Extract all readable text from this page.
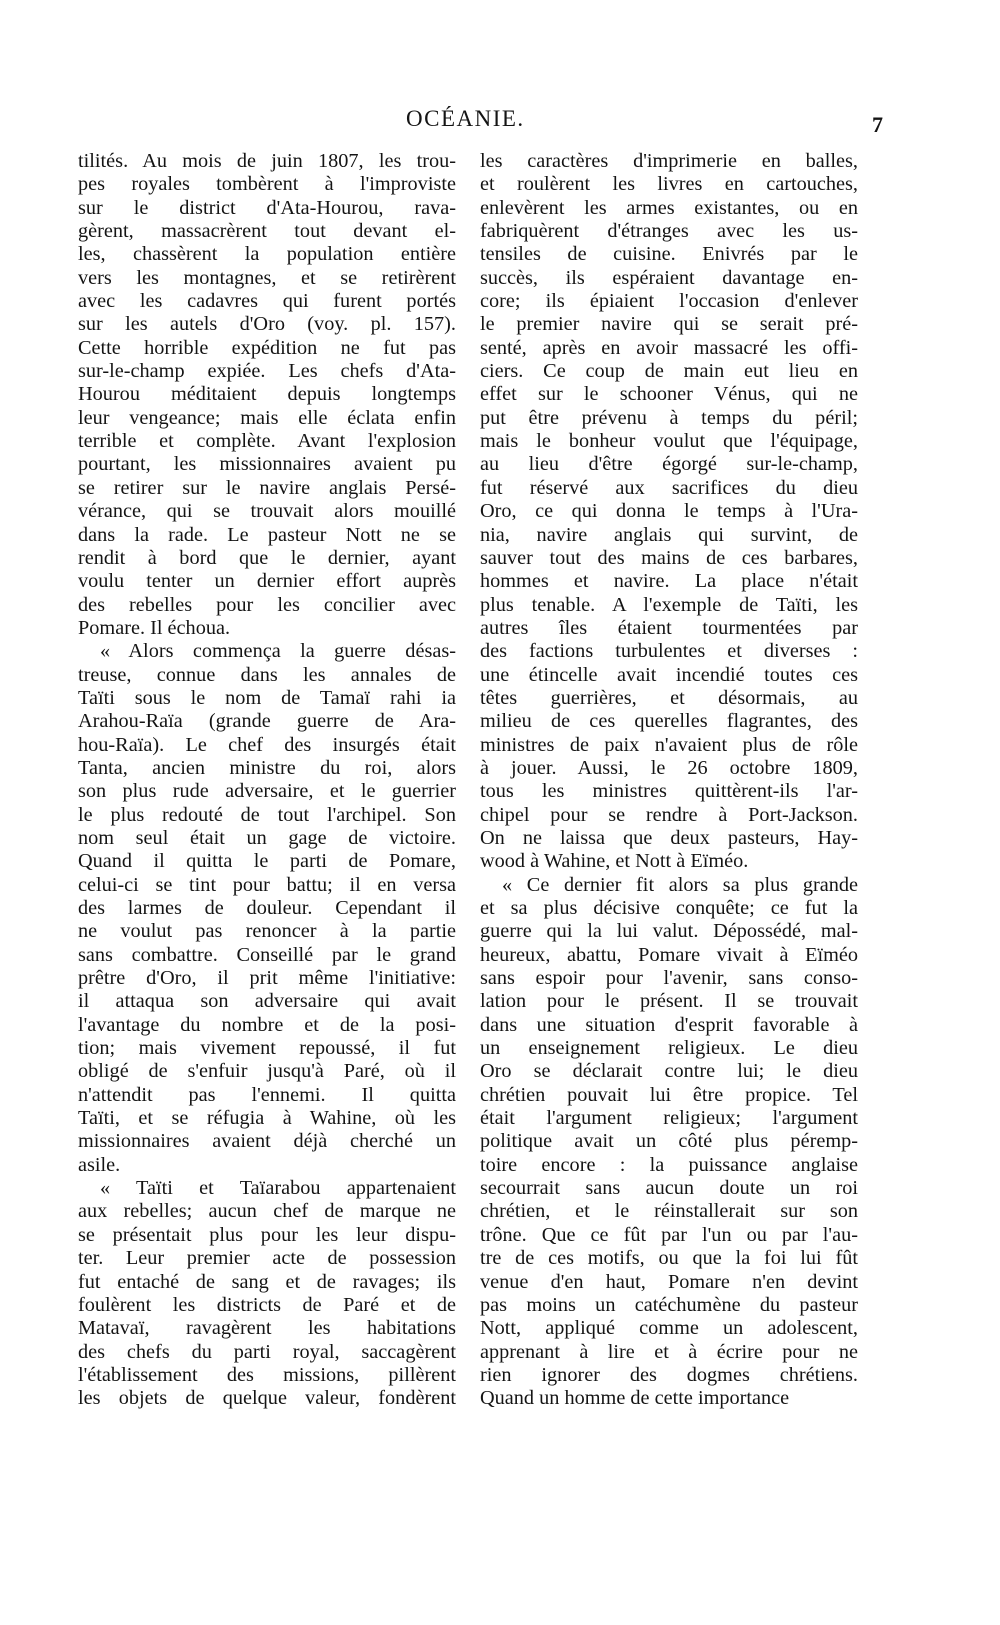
OCÉANIE.	7
tilités. Au mois de juin 1807, les trou-
pes royales tombèrent à l'improviste
sur le district d'Ata-Hourou, rava-
gèrent, massacrèrent tout devant el-
les, chassèrent la population entière
vers les montagnes, et se retirèrent
avec les cadavres qui furent portés
sur les autels d'Oro (voy. pl. 157).
Cette horrible expédition ne fut pas
sur-le-champ expiée. Les chefs d'Ata-
Hourou méditaient depuis longtemps
leur vengeance; mais elle éclata enfin
terrible et complète. Avant l'explosion
pourtant, les missionnaires avaient pu
se retirer sur le navire anglais Persé-
vérance, qui se trouvait alors mouillé
dans la rade. Le pasteur Nott ne se
rendit à bord que le dernier, ayant
voulu tenter un dernier effort auprès
des rebelles pour les concilier avec
Pomare. Il échoua.
« Alors commença la guerre désas-
treuse, connue dans les annales de
Taïti sous le nom de Tamaï rahi ia
Arahou-Raïa (grande guerre de Ara-
hou-Raïa). Le chef des insurgés était
Tanta, ancien ministre du roi, alors
son plus rude adversaire, et le guerrier
le plus redouté de tout l'archipel. Son
nom seul était un gage de victoire.
Quand il quitta le parti de Pomare,
celui-ci se tint pour battu; il en versa
des larmes de douleur. Cependant il
ne voulut pas renoncer à la partie
sans combattre. Conseillé par le grand
prêtre d'Oro, il prit même l'initiative:
il attaqua son adversaire qui avait
l'avantage du nombre et de la posi-
tion; mais vivement repoussé, il fut
obligé de s'enfuir jusqu'à Paré, où il
n'attendit pas l'ennemi. Il quitta
Taïti, et se réfugia à Wahine, où les
missionnaires avaient déjà cherché un
asile.
« Taïti et Taïarabou appartenaient
aux rebelles; aucun chef de marque ne
se présentait plus pour les leur dispu-
ter. Leur premier acte de possession
fut entaché de sang et de ravages; ils
foulèrent les districts de Paré et de
Matavaï, ravagèrent les habitations
des chefs du parti royal, saccagèrent
l'établissement des missions, pillèrent
les objets de quelque valeur, fondèrent
les caractères d'imprimerie en balles,
et roulèrent les livres en cartouches,
enlevèrent les armes existantes, ou en
fabriquèrent d'étranges avec les us-
tensiles de cuisine. Enivrés par le
succès, ils espéraient davantage en-
core; ils épiaient l'occasion d'enlever
le premier navire qui se serait pré-
senté, après en avoir massacré les offi-
ciers. Ce coup de main eut lieu en
effet sur le schooner Vénus, qui ne
put être prévenu à temps du péril;
mais le bonheur voulut que l'équipage,
au lieu d'être égorgé sur-le-champ,
fut réservé aux sacrifices du dieu
Oro, ce qui donna le temps à l'Ura-
nia, navire anglais qui survint, de
sauver tout des mains de ces barbares,
hommes et navire. La place n'était
plus tenable. A l'exemple de Taïti, les
autres îles étaient tourmentées par
des factions turbulentes et diverses :
une étincelle avait incendié toutes ces
têtes guerrières, et désormais, au
milieu de ces querelles flagrantes, des
ministres de paix n'avaient plus de rôle
à jouer. Aussi, le 26 octobre 1809,
tous les ministres quittèrent-ils l'ar-
chipel pour se rendre à Port-Jackson.
On ne laissa que deux pasteurs, Hay-
wood à Wahine, et Nott à Eïméo.
« Ce dernier fit alors sa plus grande
et sa plus décisive conquête; ce fut la
guerre qui la lui valut. Dépossédé, mal-
heureux, abattu, Pomare vivait à Eïméo
sans espoir pour l'avenir, sans conso-
lation pour le présent. Il se trouvait
dans une situation d'esprit favorable à
un enseignement religieux. Le dieu
Oro se déclarait contre lui; le dieu
chrétien pouvait lui être propice. Tel
était l'argument religieux; l'argument
politique avait un côté plus péremp-
toire encore : la puissance anglaise
secourrait sans aucun doute un roi
chrétien, et le réinstallerait sur son
trône. Que ce fût par l'un ou par l'au-
tre de ces motifs, ou que la foi lui fût
venue d'en haut, Pomare n'en devint
pas moins un catéchumène du pasteur
Nott, appliqué comme un adolescent,
apprenant à lire et à écrire pour ne
rien ignorer des dogmes chrétiens.
Quand un homme de cette importance
